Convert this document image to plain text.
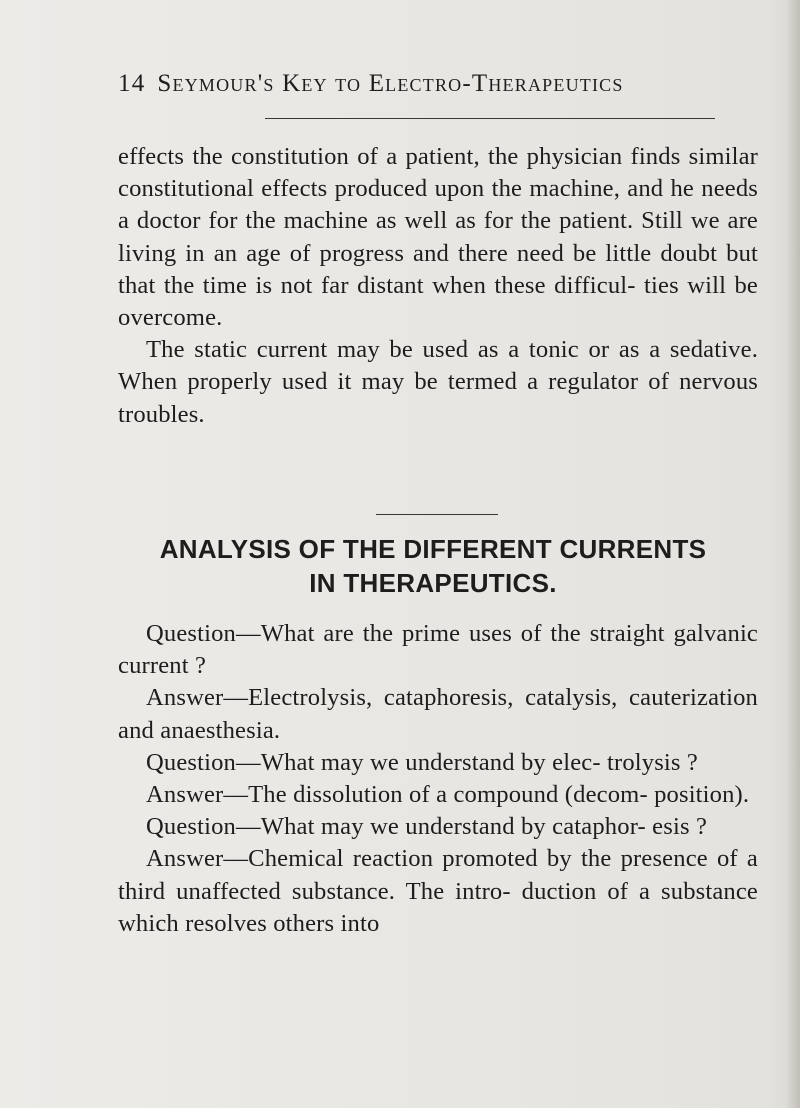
14 Seymour's Key to Electro-Therapeutics

effects the constitution of a patient, the physician finds similar constitutional effects produced upon the machine, and he needs a doctor for the machine as well as for the patient. Still we are living in an age of progress and there need be little doubt but that the time is not far distant when these difficul- ties will be overcome.

The static current may be used as a tonic or as a sedative. When properly used it may be termed a regulator of nervous troubles.

ANALYSIS OF THE DIFFERENT CURRENTS
IN THERAPEUTICS.

Question—What are the prime uses of the straight galvanic current ?

Answer—Electrolysis, cataphoresis, catalysis, cauterization and anaesthesia.

Question—What may we understand by elec- trolysis ?

Answer—The dissolution of a compound (decom- position).

Question—What may we understand by cataphor- esis ?

Answer—Chemical reaction promoted by the presence of a third unaffected substance. The intro- duction of a substance which resolves others into
